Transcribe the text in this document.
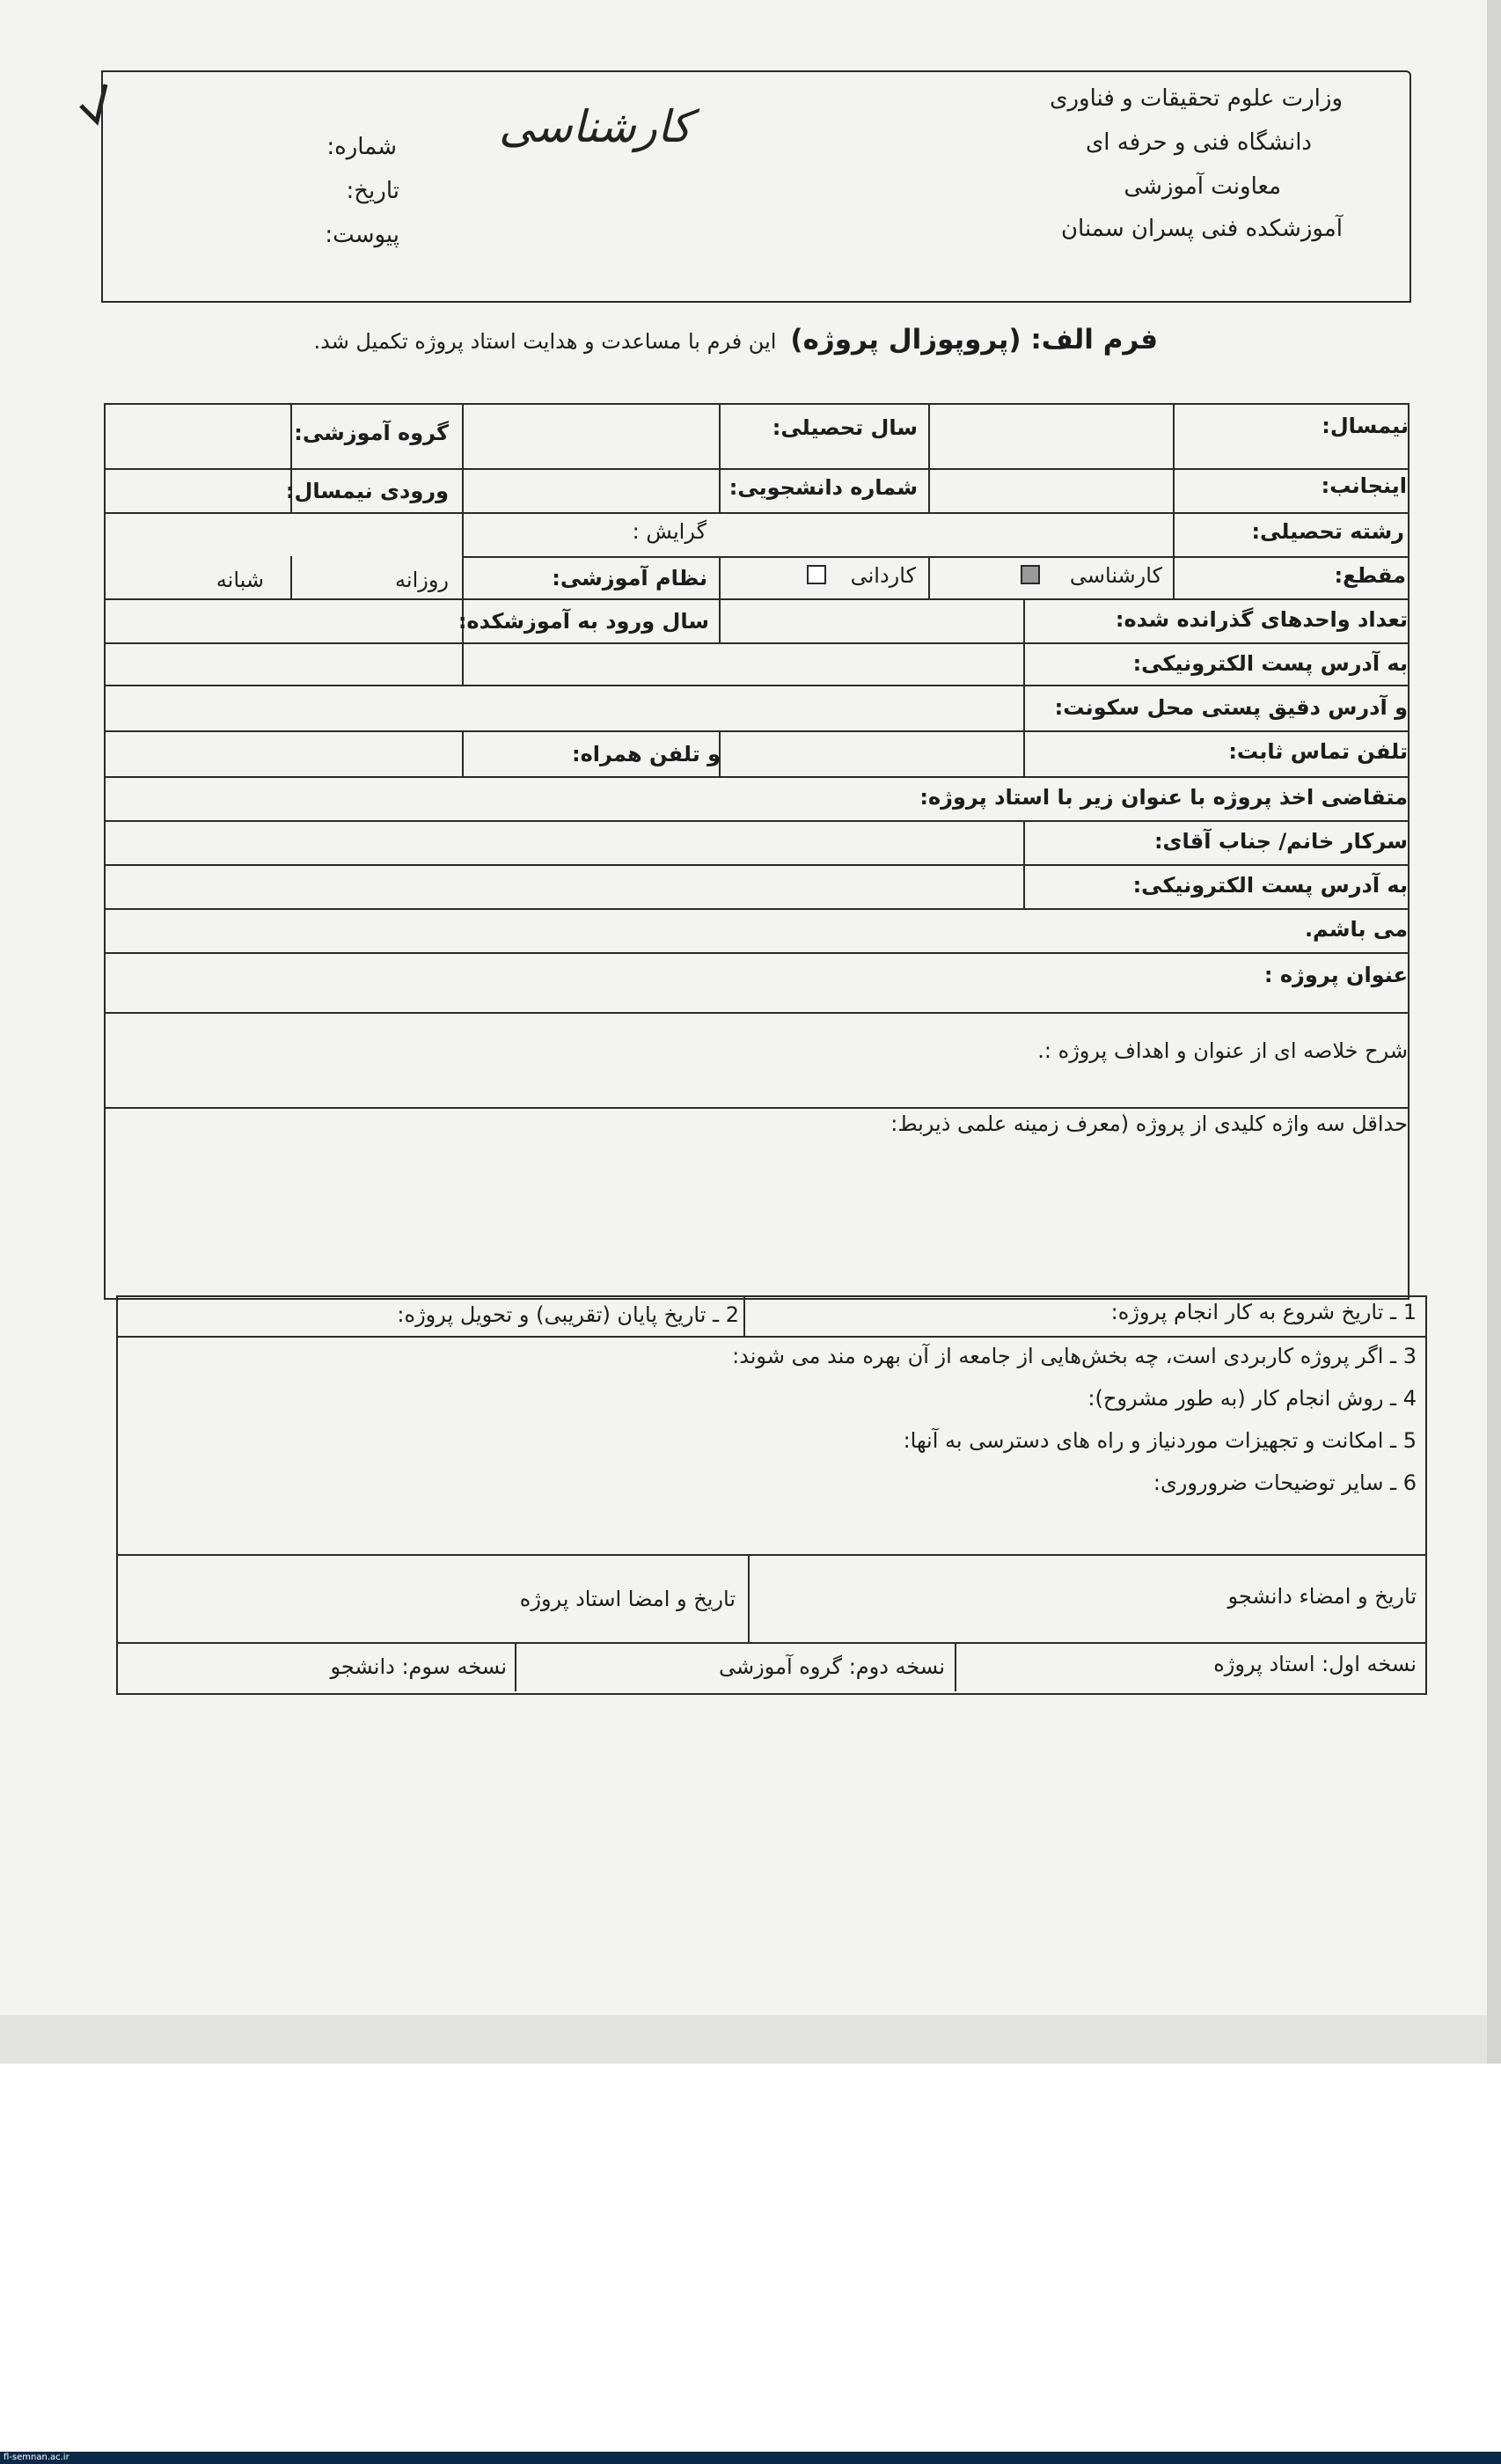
وزارت علوم تحقیقات و فناوری
دانشگاه فنی و حرفه ای
معاونت آموزشی
آموزشکده فنی پسران سمنان
شماره:
تاریخ:
پیوست:
کارشناسی
فرم الف: (پروپوزال پروژه)
این فرم با مساعدت و هدایت استاد پروژه تکمیل شد.
نیمسال:
سال تحصیلی:
گروه آموزشی:
اینجانب:
شماره دانشجویی:
ورودی نیمسال:
رشته تحصیلی:
گرایش :
مقطع:
کارشناسی
کاردانی
نظام آموزشی:
روزانه
شبانه
تعداد واحدهای گذرانده شده:
سال ورود به آموزشکده:
به آدرس پست الکترونیکی:
و آدرس دقیق پستی محل سکونت:
تلفن تماس ثابت:
و تلفن همراه:
متقاضی اخذ پروژه با عنوان زیر با استاد پروژه:
سرکار خانم/ جناب آقای:
به آدرس پست الکترونیکی:
می باشم.
عنوان پروژه :
شرح خلاصه ای از عنوان و اهداف پروژه :.
حداقل سه واژه کلیدی از پروژه (معرف زمینه علمی ذیربط:
1 ـ تاریخ شروع به کار انجام پروژه:
2 ـ تاریخ پایان (تقریبی) و تحویل پروژه:
3 ـ اگر پروژه کاربردی است، چه بخش‌هایی از جامعه از آن بهره مند می شوند:
4 ـ روش انجام کار (به طور مشروح):
5 ـ امکانت و تجهیزات موردنیاز و راه های دسترسی به آنها:
6 ـ سایر توضیحات ضروروری:
تاریخ و امضاء دانشجو
تاریخ و امضا استاد پروژه
نسخه اول: استاد پروژه
نسخه دوم: گروه آموزشی
نسخه سوم: دانشجو
fl-semnan.ac.ir
